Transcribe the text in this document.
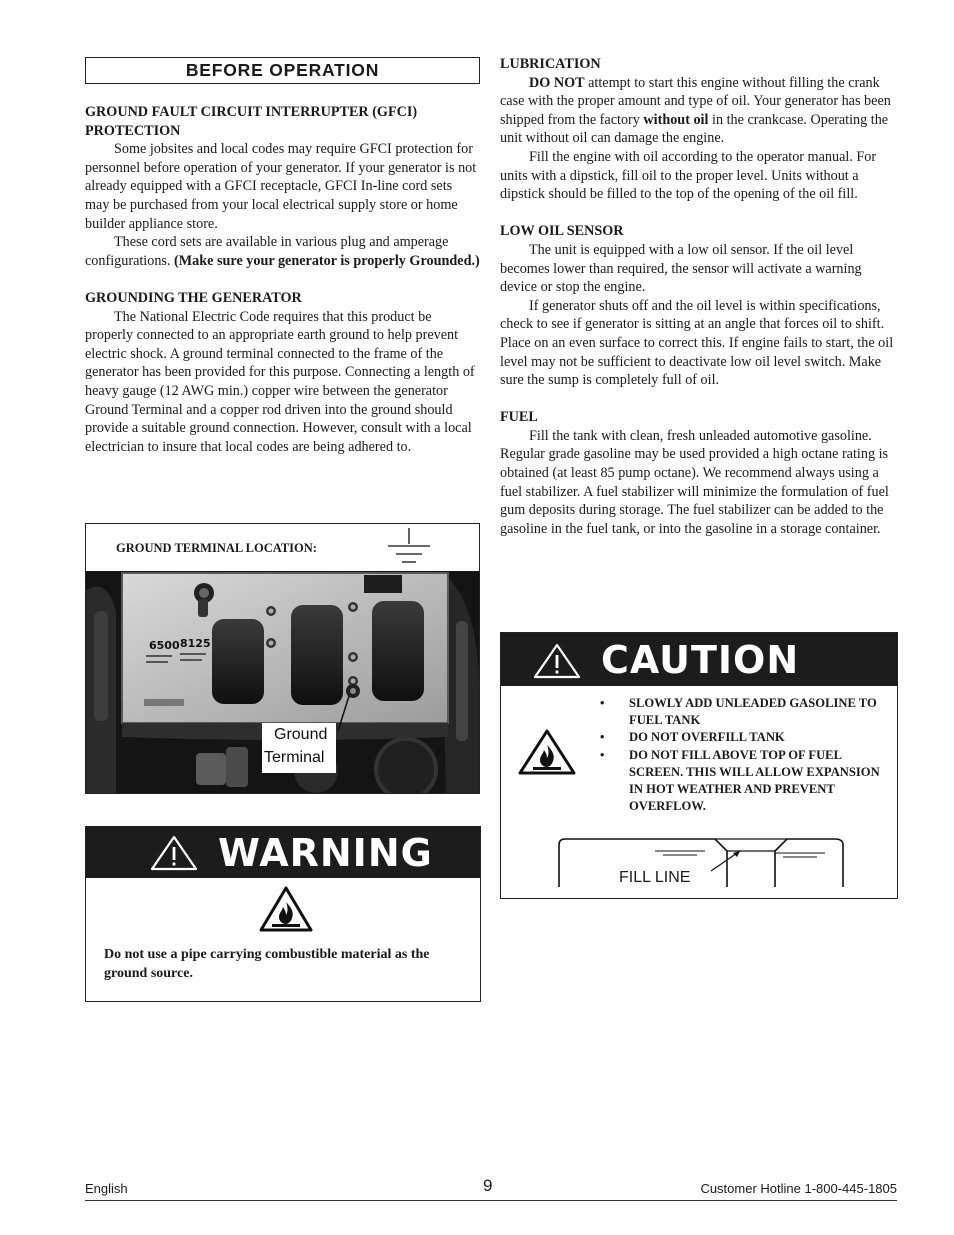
BEFORE OPERATION
GROUND FAULT CIRCUIT INTERRUPTER (GFCI) PROTECTION

Some jobsites and local codes may require GFCI protection for personnel before operation of your generator. If your generator is not already equipped with a GFCI receptacle, GFCI In-line cord sets may be purchased from your local electrical supply store or home builder appliance store.

These cord sets are available in various plug and amperage configurations. (Make sure your generator is properly Grounded.)

GROUNDING THE GENERATOR

The National Electric Code requires that this product be properly connected to an appropriate earth ground to help prevent electric shock. A ground terminal connected to the frame of the generator has been provided for this purpose. Connecting a length of heavy gauge (12 AWG min.) copper wire between the generator Ground Terminal and a copper rod driven into the ground should provide a suitable ground connection. However, consult with a local electrician to insure that local codes are being adhered to.

GROUND TERMINAL LOCATION:
6500 8125
Ground
Terminal
WARNING
Do not use a pipe carrying combustible material as the ground source.
LUBRICATION

DO NOT attempt to start this engine without filling the crank case with the proper amount and type of oil. Your generator has been shipped from the factory without oil in the crankcase. Operating the unit without oil can damage the engine.

Fill the engine with oil according to the operator manual. For units with a dipstick, fill oil to the proper level. Units without a dipstick should be filled to the top of the opening of the oil fill.

LOW OIL SENSOR

The unit is equipped with a low oil sensor. If the oil level becomes lower than required, the sensor will activate a warning device or stop the engine.

If generator shuts off and the oil level is within specifications, check to see if generator is sitting at an angle that forces oil to shift. Place on an even surface to correct this. If engine fails to start, the oil level may not be sufficient to deactivate low oil level switch. Make sure the sump is completely full of oil.

FUEL

Fill the tank with clean, fresh unleaded automotive gasoline. Regular grade gasoline may be used provided a high octane rating is obtained (at least 85 pump octane). We recommend always using a fuel stabilizer. A fuel stabilizer will minimize the formulation of fuel gum deposits during storage. The fuel stabilizer can be added to the gasoline in the fuel tank, or into the gasoline in a storage container.

CAUTION
• SLOWLY ADD UNLEADED GASOLINE TO FUEL TANK
• DO NOT OVERFILL TANK
• DO NOT FILL ABOVE TOP OF FUEL SCREEN. THIS WILL ALLOW EXPANSION IN HOT WEATHER AND PREVENT OVERFLOW.
FILL LINE
English	9	Customer Hotline 1-800-445-1805
